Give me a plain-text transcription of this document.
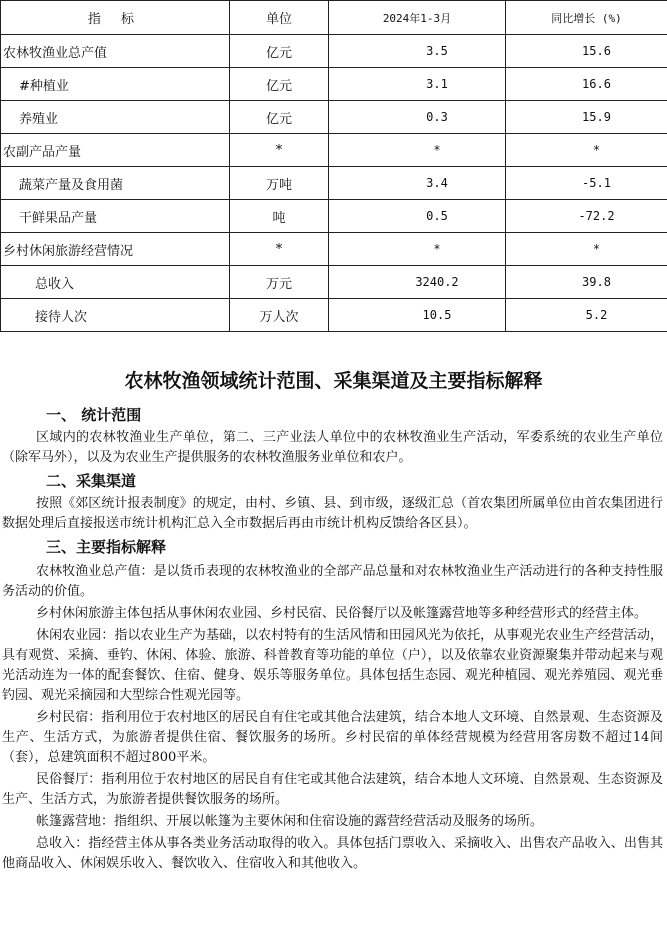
指 标	单位	2024年1-3月	同比增长 (%)
农林牧渔业总产值	亿元	3.5	15.6
#种植业	亿元	3.1	16.6
养殖业	亿元	0.3	15.9
农副产品产量	*	*	*
蔬菜产量及食用菌	万吨	3.4	-5.1
干鲜果品产量	吨	0.5	-72.2
乡村休闲旅游经营情况	*	*	*
总收入	万元	3240.2	39.8
接待人次	万人次	10.5	5.2
农林牧渔领域统计范围、采集渠道及主要指标解释
一、 统计范围

区域内的农林牧渔业生产单位，第二、三产业法人单位中的农林牧渔业生产活动，军委系统的农业生产单位（除军马外），以及为农业生产提供服务的农林牧渔服务业单位和农户。

二、采集渠道

按照《郊区统计报表制度》的规定，由村、乡镇、县、到市级，逐级汇总（首农集团所属单位由首农集团进行数据处理后直接报送市统计机构汇总入全市数据后再由市统计机构反馈给各区县）。

三、主要指标解释

农林牧渔业总产值：是以货币表现的农林牧渔业的全部产品总量和对农林牧渔业生产活动进行的各种支持性服务活动的价值。

乡村休闲旅游主体包括从事休闲农业园、乡村民宿、民俗餐厅以及帐篷露营地等多种经营形式的经营主体。

休闲农业园：指以农业生产为基础，以农村特有的生活风情和田园风光为依托，从事观光农业生产经营活动，具有观赏、采摘、垂钓、休闲、体验、旅游、科普教育等功能的单位（户），以及依靠农业资源聚集并带动起来与观光活动连为一体的配套餐饮、住宿、健身、娱乐等服务单位。具体包括生态园、观光种植园、观光养殖园、观光垂钓园、观光采摘园和大型综合性观光园等。

乡村民宿：指利用位于农村地区的居民自有住宅或其他合法建筑，结合本地人文环境、自然景观、生态资源及生产、生活方式，为旅游者提供住宿、餐饮服务的场所。乡村民宿的单体经营规模为经营用客房数不超过14间（套），总建筑面积不超过800平米。

民俗餐厅：指利用位于农村地区的居民自有住宅或其他合法建筑，结合本地人文环境、自然景观、生态资源及生产、生活方式，为旅游者提供餐饮服务的场所。

帐篷露营地：指组织、开展以帐篷为主要休闲和住宿设施的露营经营活动及服务的场所。

总收入：指经营主体从事各类业务活动取得的收入。具体包括门票收入、采摘收入、出售农产品收入、出售其他商品收入、休闲娱乐收入、餐饮收入、住宿收入和其他收入。
